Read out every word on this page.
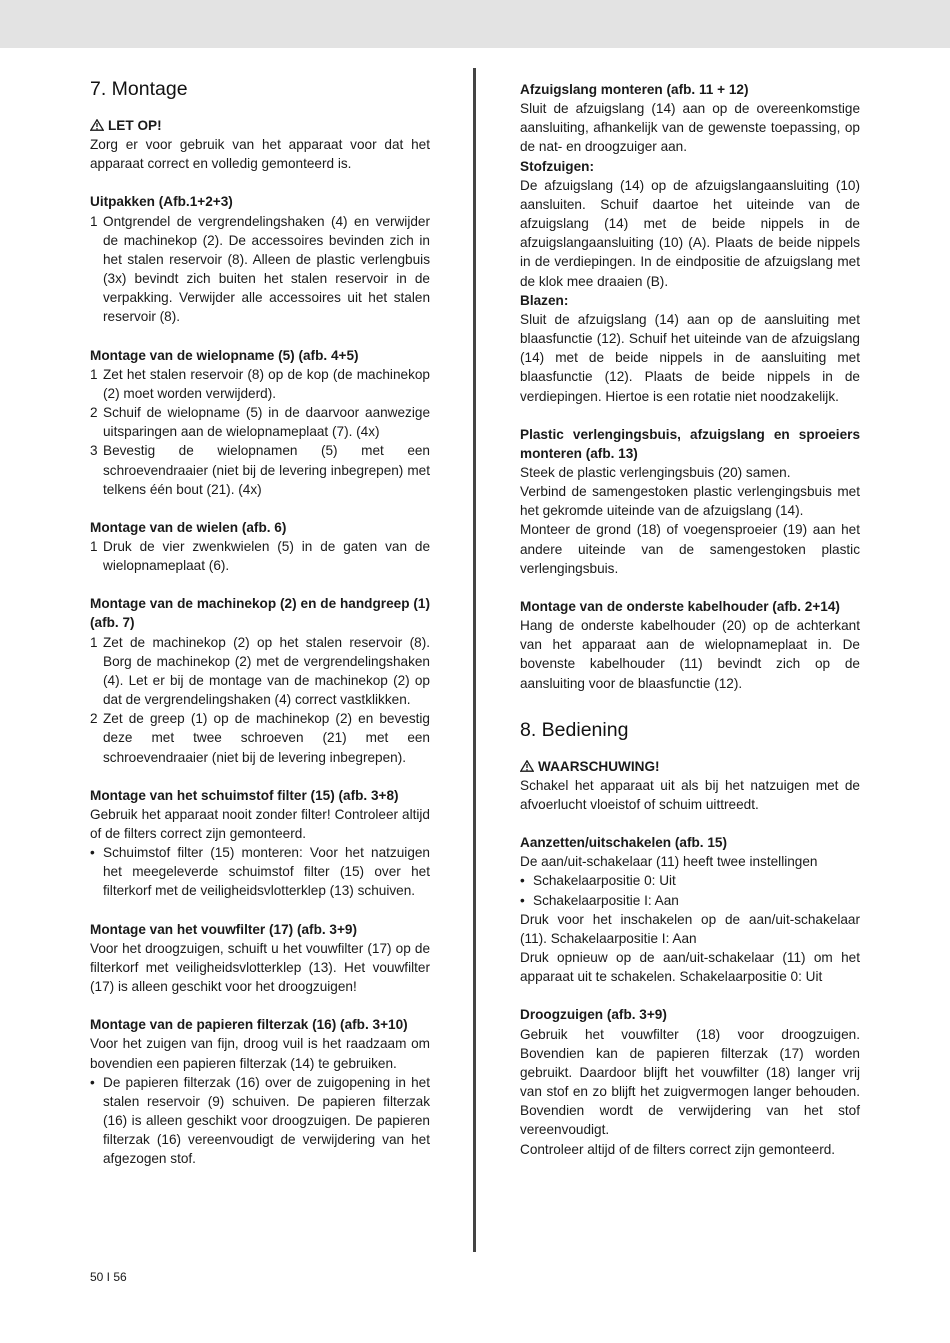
7. Montage
LET OP!

Zorg er voor gebruik van het apparaat voor dat het apparaat correct en volledig gemonteerd is.

Uitpakken (Afb.1+2+3)

1 Ontgrendel de vergrendelingshaken (4) en verwijder de machinekop (2). De accessoires bevinden zich in het stalen reservoir (8). Alleen de plastic verlengbuis (3x) bevindt zich buiten het stalen reservoir in de verpakking. Verwijder alle accessoires uit het stalen reservoir (8).

Montage van de wielopname (5) (afb. 4+5)

1 Zet het stalen reservoir (8) op de kop (de machinekop (2) moet worden verwijderd).
2 Schuif de wielopname (5) in de daarvoor aanwezige uitsparingen aan de wielopnameplaat (7). (4x)
3 Bevestig de wielopnamen (5) met een schroevendraaier (niet bij de levering inbegrepen) met telkens één bout (21). (4x)

Montage van de wielen (afb. 6)

1 Druk de vier zwenkwielen (5) in de gaten van de wielopnameplaat (6).

Montage van de machinekop (2) en de handgreep (1) (afb. 7)

1 Zet de machinekop (2) op het stalen reservoir (8). Borg de machinekop (2) met de vergrendelingshaken (4). Let er bij de montage van de machinekop (2) op dat de vergrendelingshaken (4) correct vastklikken.
2 Zet de greep (1) op de machinekop (2) en bevestig deze met twee schroeven (21) met een schroevendraaier (niet bij de levering inbegrepen).

Montage van het schuimstof filter (15) (afb. 3+8)

Gebruik het apparaat nooit zonder filter! Controleer altijd of de filters correct zijn gemonteerd.

• Schuimstof filter (15) monteren: Voor het natzuigen het meegeleverde schuimstof filter (15) over het filterkorf met de veiligheidsvlotterklep (13) schuiven.

Montage van het vouwfilter (17) (afb. 3+9)

Voor het droogzuigen, schuift u het vouwfilter (17) op de filterkorf met veiligheidsvlotterklep (13). Het vouwfilter (17) is alleen geschikt voor het droogzuigen!

Montage van de papieren filterzak (16) (afb. 3+10)

Voor het zuigen van fijn, droog vuil is het raadzaam om bovendien een papieren filterzak (14) te gebruiken.

• De papieren filterzak (16) over de zuigopening in het stalen reservoir (9) schuiven. De papieren filterzak (16) is alleen geschikt voor droogzuigen. De papieren filterzak (16) vereenvoudigt de verwijdering van het afgezogen stof.

Afzuigslang monteren (afb. 11 + 12)

Sluit de afzuigslang (14) aan op de overeenkomstige aansluiting, afhankelijk van de gewenste toepassing, op de nat- en droogzuiger aan.

Stofzuigen:

De afzuigslang (14) op de afzuigslangaansluiting (10) aansluiten. Schuif daartoe het uiteinde van de afzuigslang (14) met de beide nippels in de afzuigslangaansluiting (10) (A). Plaats de beide nippels in de verdiepingen. In de eindpositie de afzuigslang met de klok mee draaien (B).

Blazen:

Sluit de afzuigslang (14) aan op de aansluiting met blaasfunctie (12). Schuif het uiteinde van de afzuigslang (14) met de beide nippels in de aansluiting met blaasfunctie (12). Plaats de beide nippels in de verdiepingen. Hiertoe is een rotatie niet noodzakelijk.

Plastic verlengingsbuis, afzuigslang en sproeiers monteren (afb. 13)

Steek de plastic verlengingsbuis (20) samen.

Verbind de samengestoken plastic verlengingsbuis met het gekromde uiteinde van de afzuigslang (14).

Monteer de grond (18) of voegensproeier (19) aan het andere uiteinde van de samengestoken plastic verlengingsbuis.

Montage van de onderste kabelhouder (afb. 2+14)

Hang de onderste kabelhouder (20) op de achterkant van het apparaat aan de wielopnameplaat in. De bovenste kabelhouder (11) bevindt zich op de aansluiting voor de blaasfunctie (12).

8. Bediening
WAARSCHUWING!

Schakel het apparaat uit als bij het natzuigen met de afvoerlucht vloeistof of schuim uittreedt.

Aanzetten/uitschakelen (afb. 15)

De aan/uit-schakelaar (11) heeft twee instellingen

• Schakelaarpositie 0: Uit
• Schakelaarpositie I: Aan

Druk voor het inschakelen op de aan/uit-schakelaar (11). Schakelaarpositie I: Aan

Druk opnieuw op de aan/uit-schakelaar (11) om het apparaat uit te schakelen. Schakelaarpositie 0: Uit

Droogzuigen (afb. 3+9)

Gebruik het vouwfilter (18) voor droogzuigen. Bovendien kan de papieren filterzak (17) worden gebruikt. Daardoor blijft het vouwfilter (18) langer vrij van stof en zo blijft het zuigvermogen langer behouden. Bovendien wordt de verwijdering van het stof vereenvoudigt.

Controleer altijd of de filters correct zijn gemonteerd.

50 I 56
